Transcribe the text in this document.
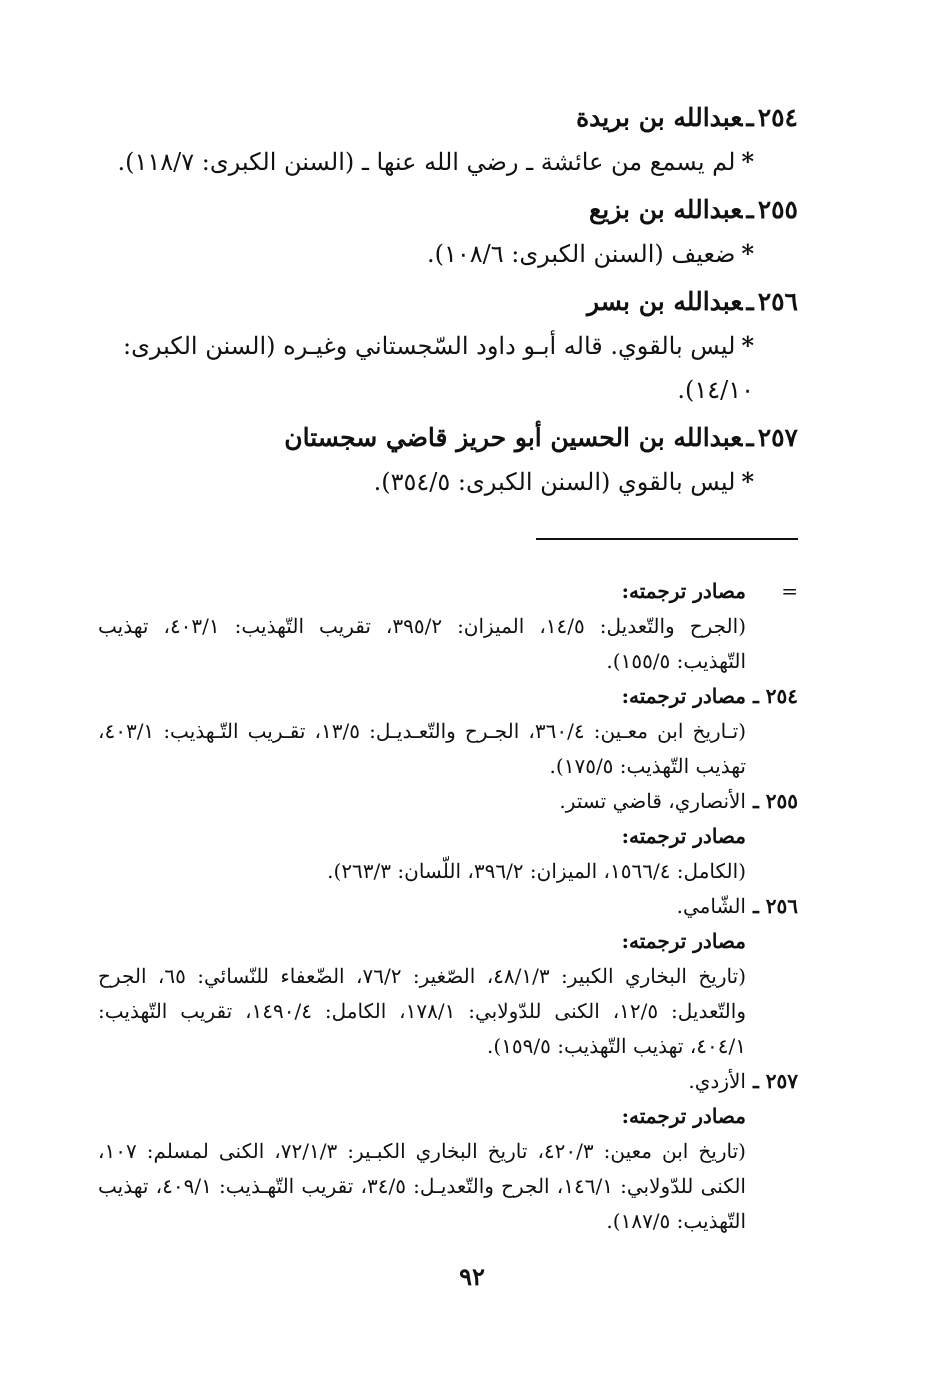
٢٥٤ـعبدالله بن بريدة
*لم يسمع من عائشة ـ رضي الله عنها ـ (السنن الكبرى: ١١٨/٧).
٢٥٥ـعبدالله بن بزيع
*ضعيف (السنن الكبرى: ١٠٨/٦).
٢٥٦ـعبدالله بن بسر
*ليس بالقوي. قاله أبـو داود السّجستاني وغيـره (السنن الكبرى: ١٤/١٠).
٢٥٧ـعبدالله بن الحسين أبو حريز قاضي سجستان
*ليس بالقوي (السنن الكبرى: ٣٥٤/٥).
=مصادر ترجمته:
(الجرح والتّعديل: ١٤/٥، الميزان: ٣٩٥/٢، تقريب التّهذيب: ٤٠٣/١، تهذيب التّهذيب: ١٥٥/٥).
٢٥٤ ـ مصادر ترجمته:
(تـاريخ ابن معـين: ٣٦٠/٤، الجـرح والتّعـديـل: ١٣/٥، تقـريب التّـهذيب: ٤٠٣/١، تهذيب التّهذيب: ١٧٥/٥).
٢٥٥ ـ الأنصاري، قاضي تستر.
مصادر ترجمته:
(الكامل: ١٥٦٦/٤، الميزان: ٣٩٦/٢، اللّسان: ٢٦٣/٣).
٢٥٦ ـ الشّامي.
مصادر ترجمته:
(تاريخ البخاري الكبير: ٤٨/١/٣، الصّغير: ٧٦/٢، الضّعفاء للنّسائي: ٦٥، الجرح والتّعديل: ١٢/٥، الكنى للدّولابي: ١٧٨/١، الكامل: ١٤٩٠/٤، تقريب التّهذيب: ٤٠٤/١، تهذيب التّهذيب: ١٥٩/٥).
٢٥٧ ـ الأزدي.
مصادر ترجمته:
(تاريخ ابن معين: ٤٢٠/٣، تاريخ البخاري الكبـير: ٧٢/١/٣، الكنى لمسلم: ١٠٧، الكنى للدّولابي: ١٤٦/١، الجرح والتّعديـل: ٣٤/٥، تقريب التّهـذيب: ٤٠٩/١، تهذيب التّهذيب: ١٨٧/٥).
٩٢
